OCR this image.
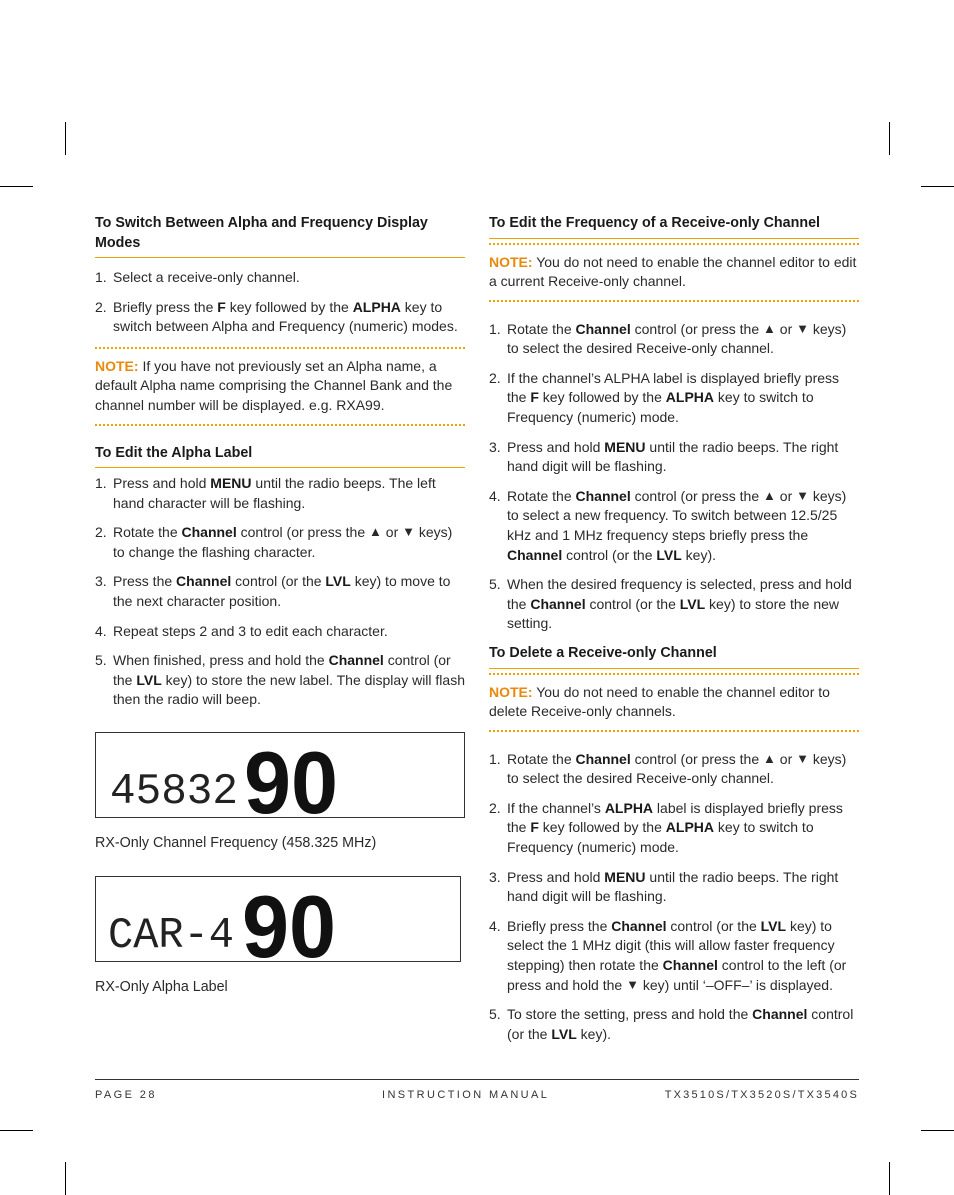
To Switch Between Alpha and Frequency Display Modes
1. Select a receive-only channel.
2. Briefly press the F key followed by the ALPHA key to switch between Alpha and Frequency (numeric) modes.
NOTE: If you have not previously set an Alpha name, a default Alpha name comprising the Channel Bank and the channel number will be displayed. e.g. RXA99.
To Edit the Alpha Label
1. Press and hold MENU until the radio beeps. The left hand character will be flashing.
2. Rotate the Channel control (or press the ▲ or ▼ keys) to change the flashing character.
3. Press the Channel control (or the LVL key) to move to the next character position.
4. Repeat steps 2 and 3 to edit each character.
5. When finished, press and hold the Channel control (or the LVL key) to store the new label. The display will flash then the radio will beep.
45832 90
RX-Only Channel Frequency (458.325 MHz)
CAR-4 90
RX-Only Alpha Label
To Edit the Frequency of a Receive-only Channel
NOTE: You do not need to enable the channel editor to edit a current Receive-only channel.
1. Rotate the Channel control (or press the ▲ or ▼ keys) to select the desired Receive-only channel.
2. If the channel’s ALPHA label is displayed briefly press the F key followed by the ALPHA key to switch to Frequency (numeric) mode.
3. Press and hold MENU until the radio beeps. The right hand digit will be flashing.
4. Rotate the Channel control (or press the ▲ or ▼ keys) to select a new frequency. To switch between 12.5/25 kHz and 1 MHz frequency steps briefly press the Channel control (or the LVL key).
5. When the desired frequency is selected, press and hold the Channel control (or the LVL key) to store the new setting.
To Delete a Receive-only Channel
NOTE: You do not need to enable the channel editor to delete Receive-only channels.
1. Rotate the Channel control (or press the ▲ or ▼ keys) to select the desired Receive-only channel.
2. If the channel’s ALPHA label is displayed briefly press the F key followed by the ALPHA key to switch to Frequency (numeric) mode.
3. Press and hold MENU until the radio beeps. The right hand digit will be flashing.
4. Briefly press the Channel control (or the LVL key) to select the 1 MHz digit (this will allow faster frequency stepping) then rotate the Channel control to the left (or press and hold the ▼ key) until ‘–OFF–’ is displayed.
5. To store the setting, press and hold the Channel control (or the LVL key).
PAGE 28	INSTRUCTION MANUAL	TX3510S/TX3520S/TX3540S
